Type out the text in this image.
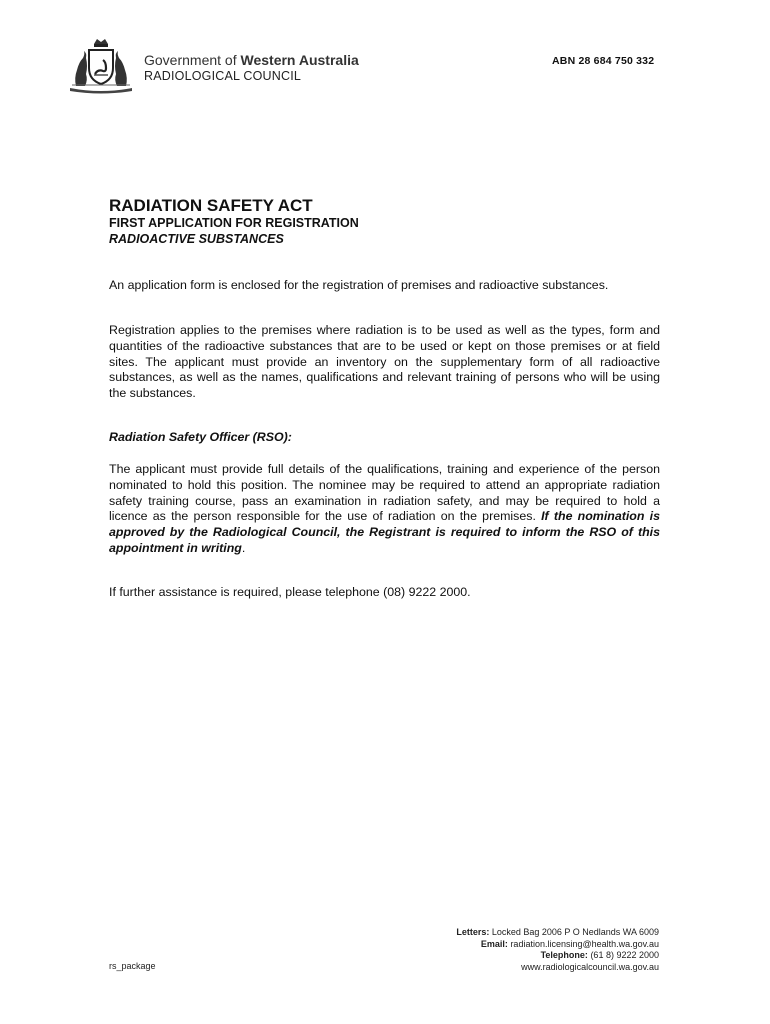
Government of Western Australia
RADIOLOGICAL COUNCIL
ABN 28 684 750 332
RADIATION SAFETY ACT
FIRST APPLICATION FOR REGISTRATION
RADIOACTIVE SUBSTANCES

An application form is enclosed for the registration of premises and radioactive substances.

Registration applies to the premises where radiation is to be used as well as the types, form and quantities of the radioactive substances that are to be used or kept on those premises or at field sites. The applicant must provide an inventory on the supplementary form of all radioactive substances, as well as the names, qualifications and relevant training of persons who will be using the substances.

Radiation Safety Officer (RSO):

The applicant must provide full details of the qualifications, training and experience of the person nominated to hold this position. The nominee may be required to attend an appropriate radiation safety training course, pass an examination in radiation safety, and may be required to hold a licence as the person responsible for the use of radiation on the premises. If the nomination is approved by the Radiological Council, the Registrant is required to inform the RSO of this appointment in writing.

If further assistance is required, please telephone (08) 9222 2000.
Letters: Locked Bag 2006 P O Nedlands WA 6009
Email: radiation.licensing@health.wa.gov.au
Telephone: (61 8) 9222 2000
www.radiologicalcouncil.wa.gov.au
rs_package
